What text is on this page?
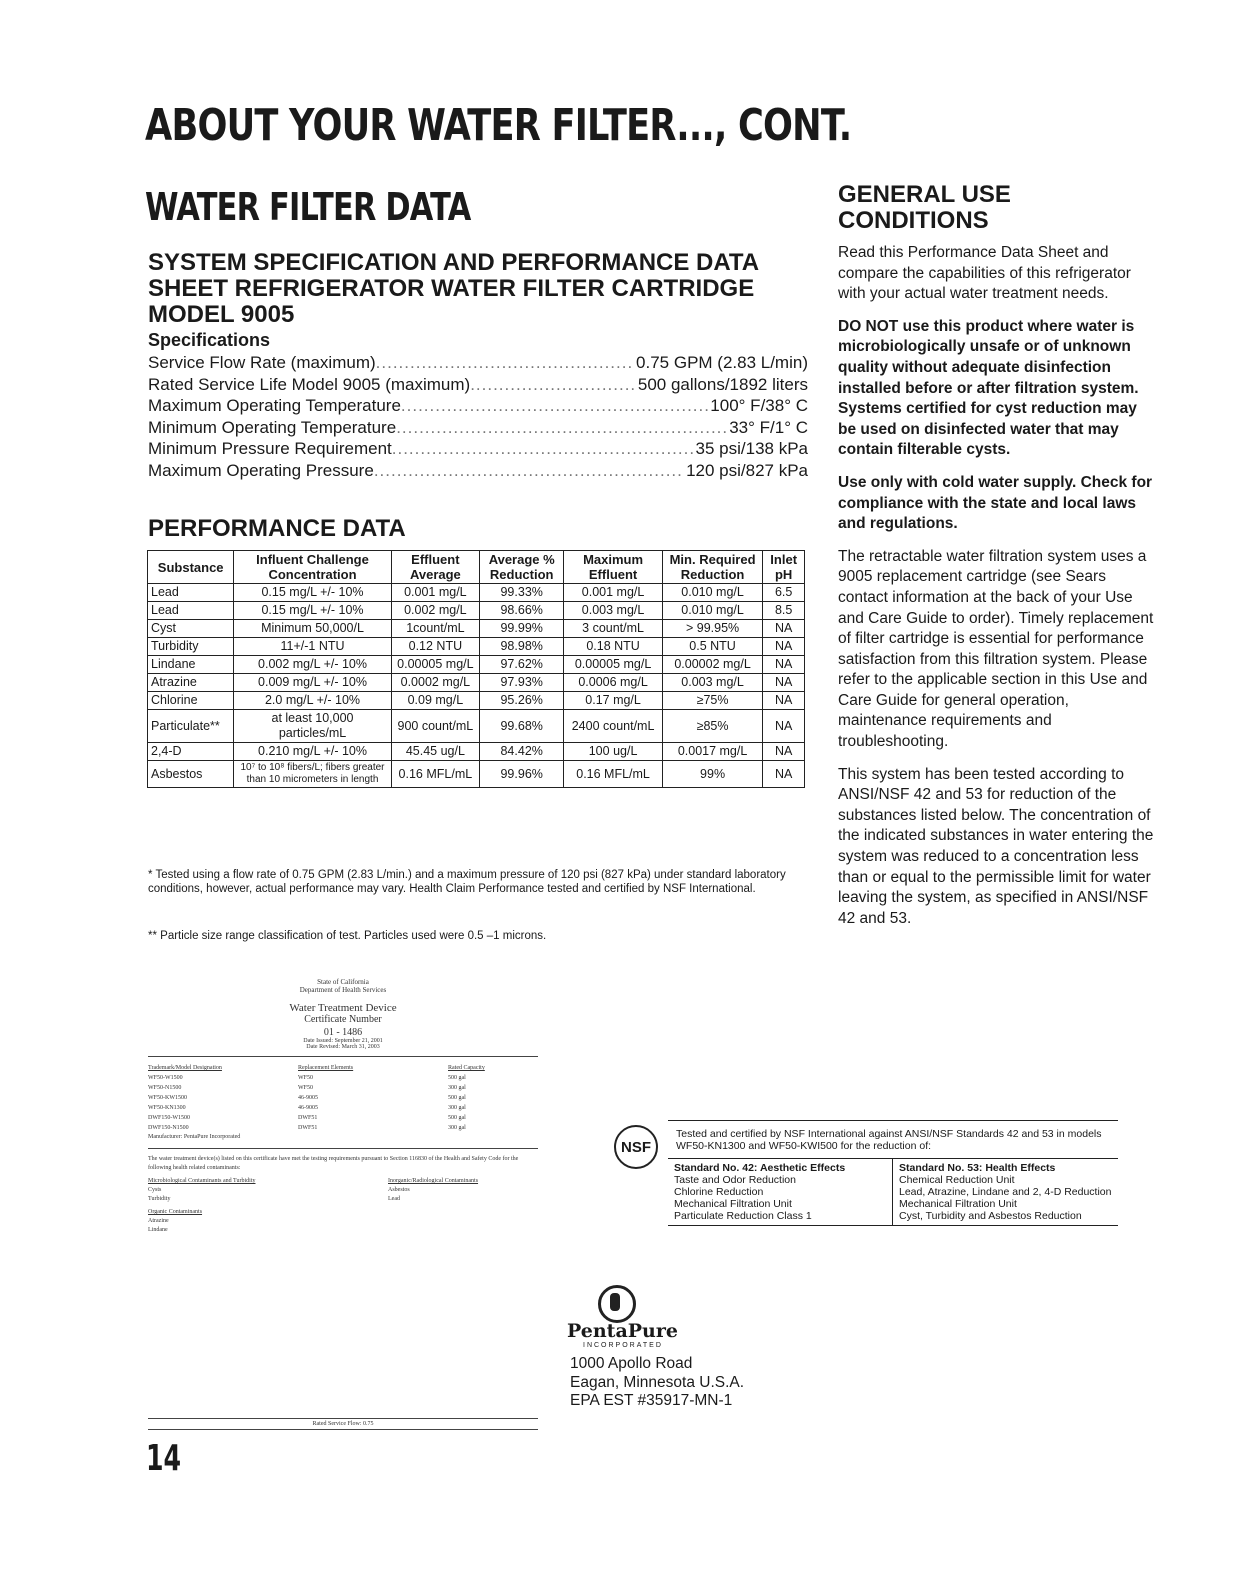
ABOUT YOUR WATER FILTER..., CONT.
WATER FILTER DATA
SYSTEM SPECIFICATION AND PERFORMANCE DATA SHEET REFRIGERATOR WATER FILTER CARTRIDGE MODEL 9005
Specifications
Service Flow Rate (maximum) .....	0.75 GPM (2.83 L/min)
Rated Service Life Model 9005 (maximum) .....	500 gallons/1892 liters
Maximum Operating Temperature .....	100° F/38° C
Minimum Operating Temperature .....	33° F/1° C
Minimum Pressure Requirement .....	35 psi/138 kPa
Maximum Operating Pressure .....	120 psi/827 kPa
PERFORMANCE DATA
Substance	Influent Challenge Concentration	Effluent Average	Average % Reduction	Maximum Effluent	Min. Required Reduction	Inlet pH
Lead	0.15 mg/L +/- 10%	0.001 mg/L	99.33%	0.001 mg/L	0.010 mg/L	6.5
Lead	0.15 mg/L +/- 10%	0.002 mg/L	98.66%	0.003 mg/L	0.010 mg/L	8.5
Cyst	Minimum 50,000/L	1count/mL	99.99%	3 count/mL	> 99.95%	NA
Turbidity	11+/-1 NTU	0.12 NTU	98.98%	0.18 NTU	0.5 NTU	NA
Lindane	0.002 mg/L +/- 10%	0.00005 mg/L	97.62%	0.00005 mg/L	0.00002 mg/L	NA
Atrazine	0.009 mg/L +/- 10%	0.0002 mg/L	97.93%	0.0006 mg/L	0.003 mg/L	NA
Chlorine	2.0 mg/L +/- 10%	0.09 mg/L	95.26%	0.17 mg/L	≥75%	NA
Particulate**	at least 10,000 particles/mL	900 count/mL	99.68%	2400 count/mL	≥85%	NA
2,4-D	0.210 mg/L +/- 10%	45.45 ug/L	84.42%	100 ug/L	0.0017 mg/L	NA
Asbestos	10⁷ to 10⁸ fibers/L; fibers greater than 10 micrometers in length	0.16 MFL/mL	99.96%	0.16 MFL/mL	99%	NA
* Tested using a flow rate of 0.75 GPM (2.83 L/min.) and a maximum pressure of 120 psi (827 kPa) under standard laboratory conditions, however, actual performance may vary. Health Claim Performance tested and certified by NSF International.
** Particle size range classification of test. Particles used were 0.5 –1 microns.
GENERAL USE CONDITIONS

Read this Performance Data Sheet and compare the capabilities of this refrigerator with your actual water treatment needs.

DO NOT use this product where water is microbiologically unsafe or of unknown quality without adequate disinfection installed before or after filtration system. Systems certified for cyst reduction may be used on disinfected water that may contain filterable cysts.

Use only with cold water supply. Check for compliance with the state and local laws and regulations.

The retractable water filtration system uses a 9005 replacement cartridge (see Sears contact information at the back of your Use and Care Guide to order). Timely replacement of filter cartridge is essential for performance satisfaction from this filtration system. Please refer to the applicable section in this Use and Care Guide for general operation, maintenance requirements and troubleshooting.

This system has been tested according to ANSI/NSF 42 and 53 for reduction of the substances listed below. The concentration of the indicated substances in water entering the system was reduced to a concentration less than or equal to the permissible limit for water leaving the system, as specified in ANSI/NSF 42 and 53.

State of California
Department of Health Services
Water Treatment Device
Certificate Number
01 - 1486
Date Issued: September 21, 2001
Date Revised: March 31, 2003
Trademark/Model Designation	Replacement Elements	Rated Capacity
WF50-W1500	WF50	500 gal
WF50-N1500	WF50	300 gal
WF50-KW1500	46-9005	500 gal
WF50-KN1300	46-9005	300 gal
DWF150-W1500	DWF51	500 gal
DWF150-N1500	DWF51	300 gal
Manufacturer: PentaPure Incorporated
The water treatment device(s) listed on this certificate have met the testing requirements pursuant to Section 116830 of the Health and Safety Code for the following health related contaminants:
Microbiological Contaminants and Turbidity
Cysts
Turbidity
Organic Contaminants
Atrazine
Lindane
Inorganic/Radiological Contaminants
Asbestos
Lead
Rated Service Flow: 0.75
NSF
Tested and certified by NSF International against ANSI/NSF Standards 42 and 53 in models WF50-KN1300 and WF50-KWI500 for the reduction of:
Standard No. 42: Aesthetic Effects
Taste and Odor Reduction
Chlorine Reduction
Mechanical Filtration Unit
Particulate Reduction Class 1
Standard No. 53: Health Effects
Chemical Reduction Unit
Lead, Atrazine, Lindane and 2, 4-D Reduction
Mechanical Filtration Unit
Cyst, Turbidity and Asbestos Reduction
PentaPure
INCORPORATED
1000 Apollo Road
Eagan, Minnesota U.S.A.
EPA EST #35917-MN-1
14
